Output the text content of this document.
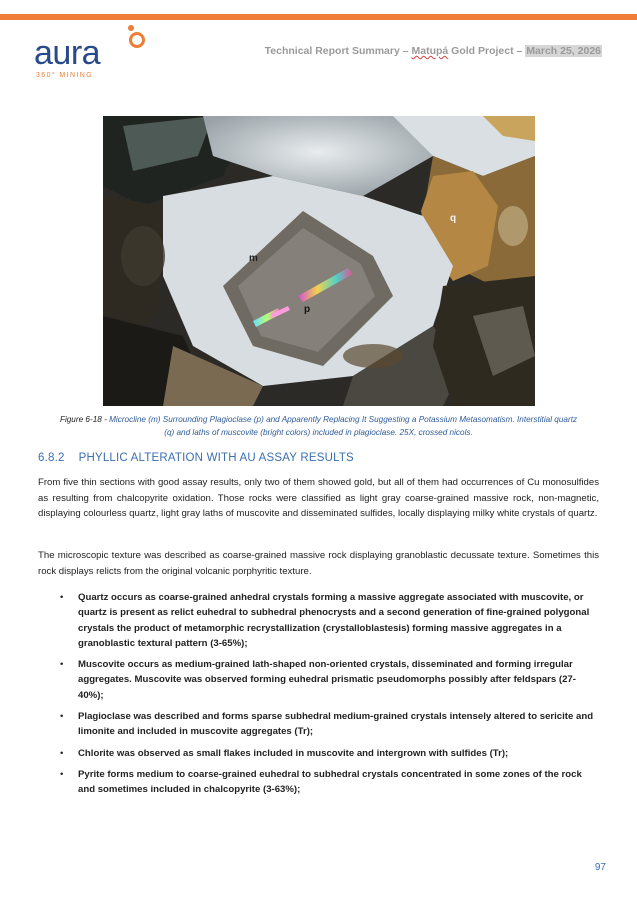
aura
360° MINING
Technical Report Summary – Matupá Gold Project – March 25, 2026
m
p
q
Figure 6-18 - Microcline (m) Surrounding Plagioclase (p) and Apparently Replacing It Suggesting a Potassium Metasomatism. Interstitial quartz
(q) and laths of muscovite (bright colors) included in plagioclase. 25X, crossed nicols.
6.8.2 PHYLLIC ALTERATION WITH AU ASSAY RESULTS

From five thin sections with good assay results, only two of them showed gold, but all of them had occurrences of Cu monosulfides as resulting from chalcopyrite oxidation. Those rocks were classified as light gray coarse-grained massive rock, non-magnetic, displaying colourless quartz, light gray laths of muscovite and disseminated sulfides, locally displaying milky white crystals of quartz.

The microscopic texture was described as coarse-grained massive rock displaying granoblastic decussate texture. Sometimes this rock displays relicts from the original volcanic porphyritic texture.

• Quartz occurs as coarse-grained anhedral crystals forming a massive aggregate associated with muscovite, or quartz is present as relict euhedral to subhedral phenocrysts and a second generation of fine-grained polygonal crystals the product of metamorphic recrystallization (crystalloblastesis) forming massive aggregates in a granoblastic textural pattern (3-65%);
• Muscovite occurs as medium-grained lath-shaped non-oriented crystals, disseminated and forming irregular aggregates. Muscovite was observed forming euhedral prismatic pseudomorphs possibly after feldspars (27-40%);
• Plagioclase was described and forms sparse subhedral medium-grained crystals intensely altered to sericite and limonite and included in muscovite aggregates (Tr);
• Chlorite was observed as small flakes included in muscovite and intergrown with sulfides (Tr);
• Pyrite forms medium to coarse-grained euhedral to subhedral crystals concentrated in some zones of the rock and sometimes included in chalcopyrite (3-63%);
97
